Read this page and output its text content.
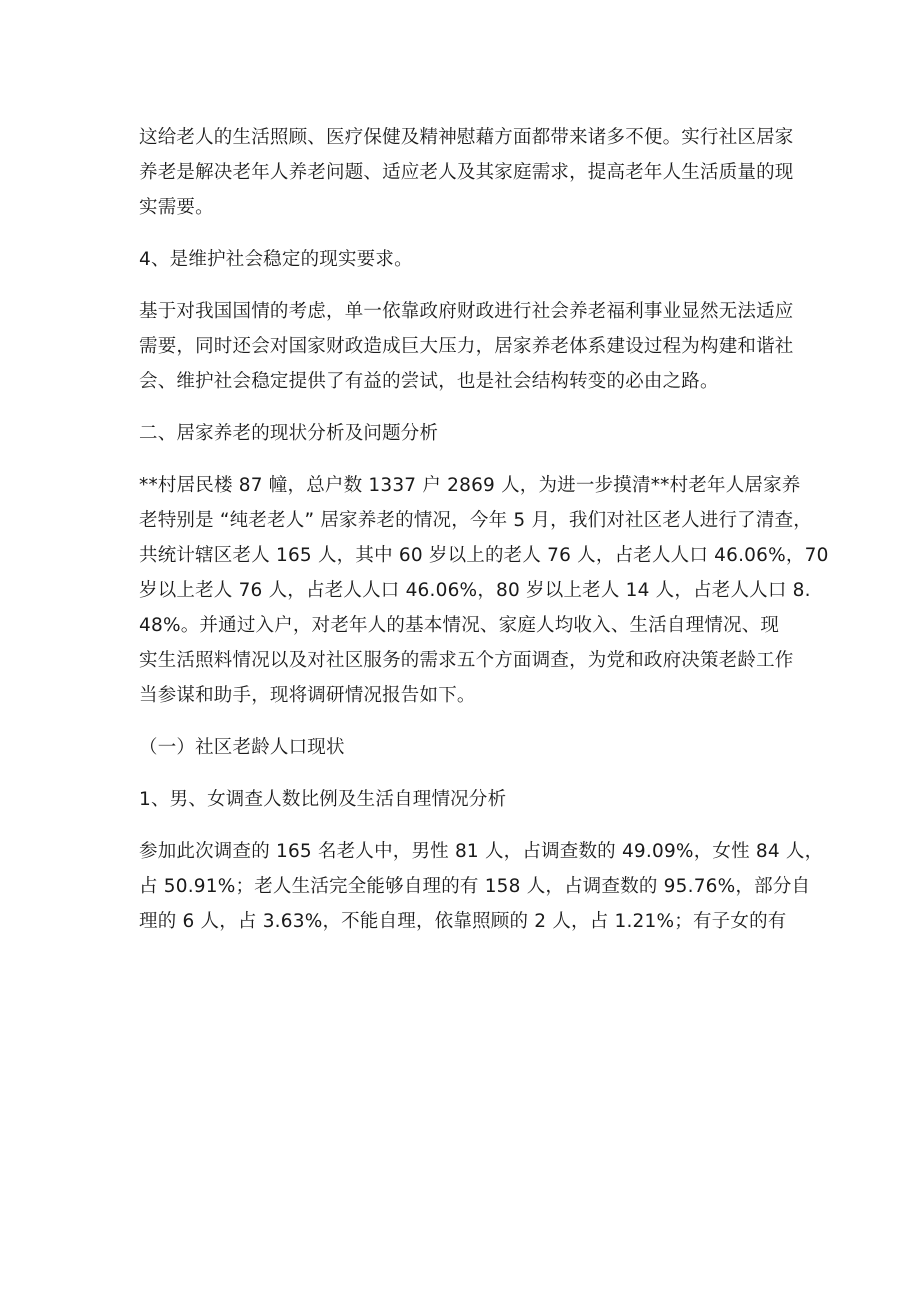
这给老人的生活照顾、医疗保健及精神慰藉方面都带来诸多不便。实行社区居家
养老是解决老年人养老问题、适应老人及其家庭需求，提高老年人生活质量的现
实需要。

4、是维护社会稳定的现实要求。

基于对我国国情的考虑，单一依靠政府财政进行社会养老福利事业显然无法适应
需要，同时还会对国家财政造成巨大压力，居家养老体系建设过程为构建和谐社
会、维护社会稳定提供了有益的尝试，也是社会结构转变的必由之路。

二、居家养老的现状分析及问题分析

**村居民楼 87 幢，总户数 1337 户 2869 人，为进一步摸清**村老年人居家养
老特别是 “纯老老人” 居家养老的情况，今年 5 月，我们对社区老人进行了清查，
共统计辖区老人 165 人，其中 60 岁以上的老人 76 人，占老人人口 46.06%，70
岁以上老人 76 人，占老人人口 46.06%，80 岁以上老人 14 人，占老人人口 8.
48%。并通过入户，对老年人的基本情况、家庭人均收入、生活自理情况、现
实生活照料情况以及对社区服务的需求五个方面调查，为党和政府决策老龄工作
当参谋和助手，现将调研情况报告如下。

（一）社区老龄人口现状

1、男、女调查人数比例及生活自理情况分析

参加此次调查的 165 名老人中，男性 81 人，占调查数的 49.09%，女性 84 人，
占 50.91%；老人生活完全能够自理的有 158 人，占调查数的 95.76%，部分自
理的 6 人，占 3.63%，不能自理，依靠照顾的 2 人，占 1.21%；有子女的有
